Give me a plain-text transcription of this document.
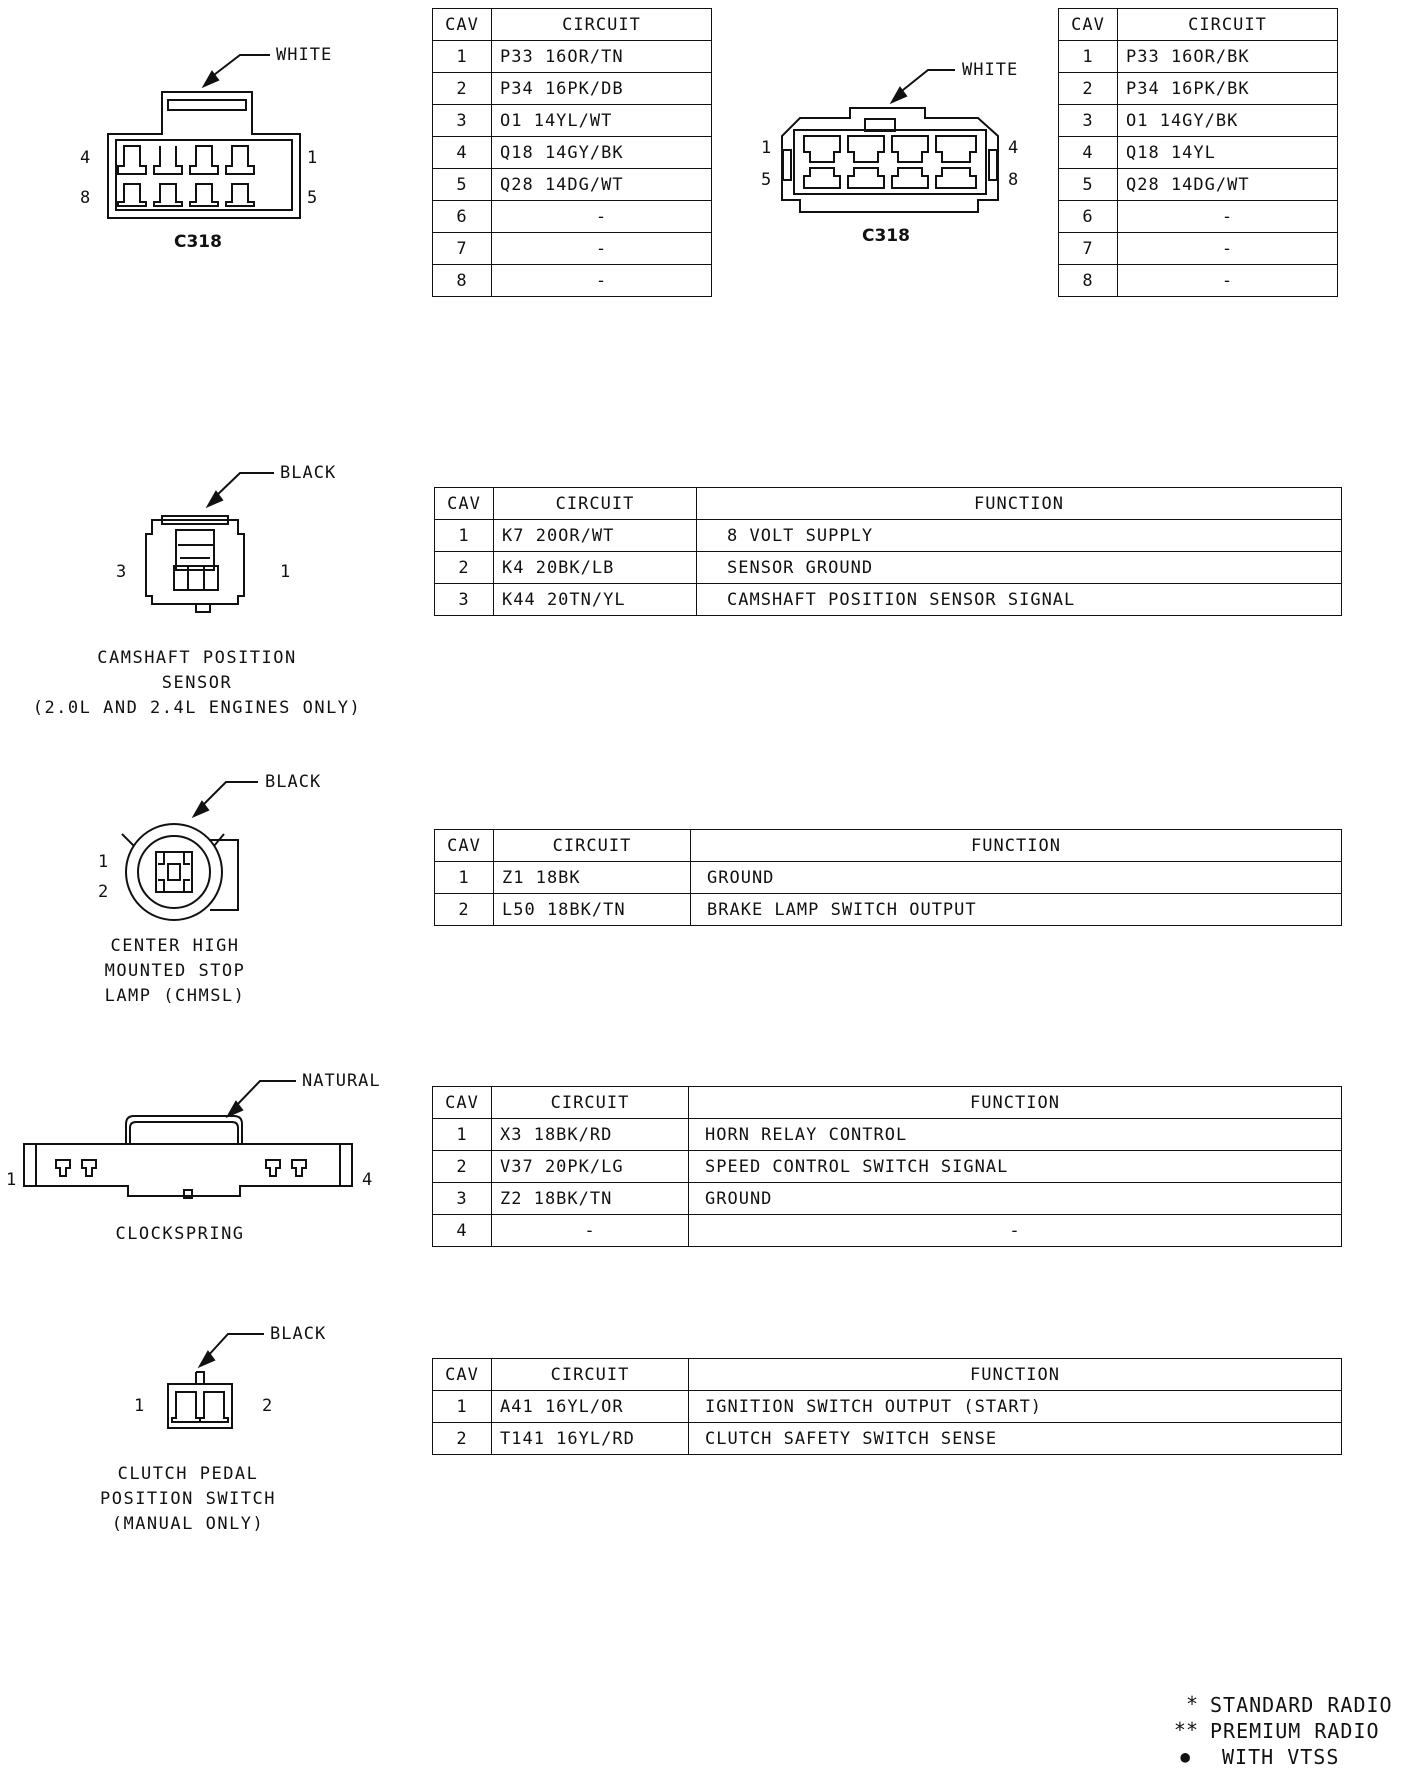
WHITE
4	1
8	5
C318
CAV	CIRCUIT
1	P33 16OR/TN
2	P34 16PK/DB
3	O1 14YL/WT
4	Q18 14GY/BK
5	Q28 14DG/WT
6	-
7	-
8	-
WHITE
1	4
5	8
C318
CAV	CIRCUIT
1	P33 16OR/BK
2	P34 16PK/BK
3	O1 14GY/BK
4	Q18 14YL
5	Q28 14DG/WT
6	-
7	-
8	-
BLACK
3	1
CAMSHAFT POSITION
SENSOR
(2.0L AND 2.4L ENGINES ONLY)
CAV	CIRCUIT	FUNCTION
1	K7 20OR/WT	8 VOLT SUPPLY
2	K4 20BK/LB	SENSOR GROUND
3	K44 20TN/YL	CAMSHAFT POSITION SENSOR SIGNAL
BLACK
1
2
CENTER HIGH
MOUNTED STOP
LAMP (CHMSL)
CAV	CIRCUIT	FUNCTION
1	Z1 18BK	GROUND
2	L50 18BK/TN	BRAKE LAMP SWITCH OUTPUT
NATURAL
1	4
CLOCKSPRING
CAV	CIRCUIT	FUNCTION
1	X3 18BK/RD	HORN RELAY CONTROL
2	V37 20PK/LG	SPEED CONTROL SWITCH SIGNAL
3	Z2 18BK/TN	GROUND
4	-	-
BLACK
1	2
CLUTCH PEDAL
POSITION SWITCH
(MANUAL ONLY)
CAV	CIRCUIT	FUNCTION
1	A41 16YL/OR	IGNITION SWITCH OUTPUT (START)
2	T141 16YL/RD	CLUTCH SAFETY SWITCH SENSE
* STANDARD RADIO
** PREMIUM RADIO
●	WITH VTSS
